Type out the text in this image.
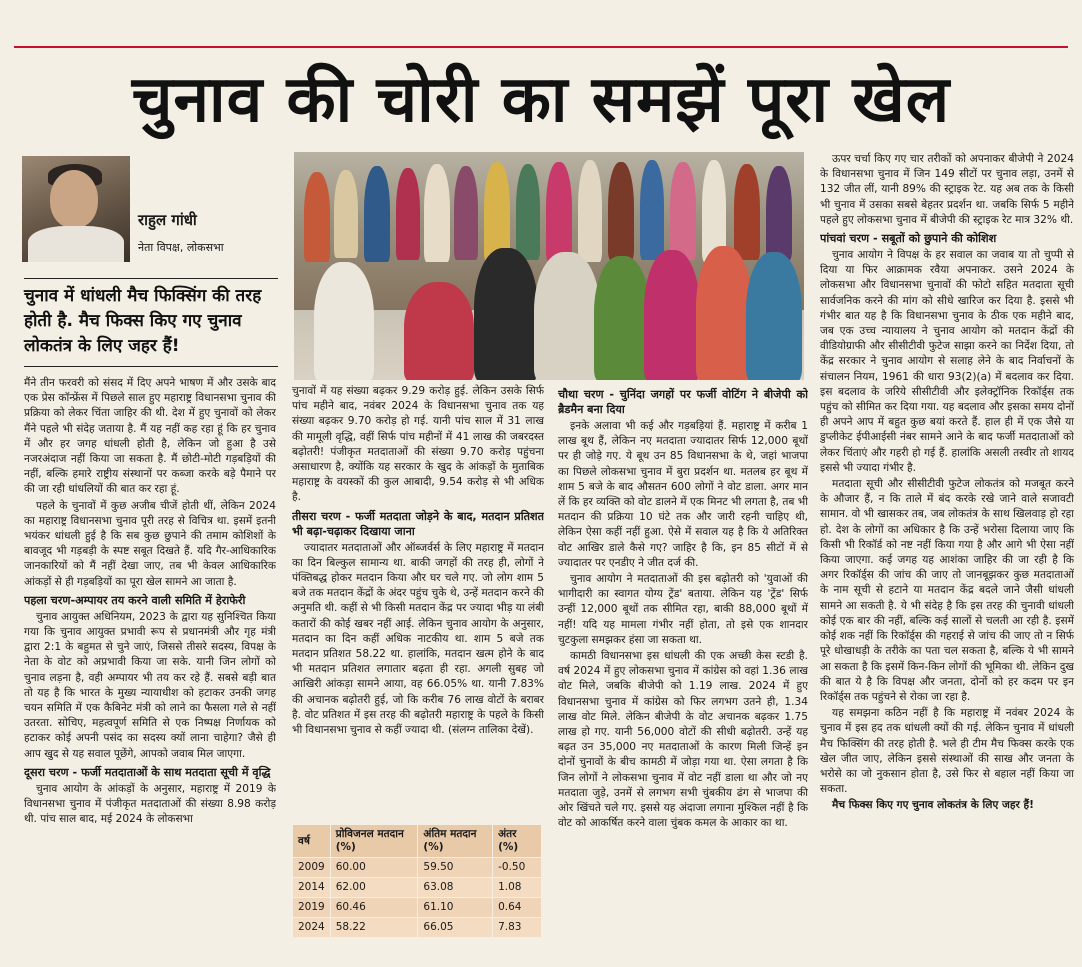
चुनाव की चोरी का समझें पूरा खेल
राहुल गांधी
नेता विपक्ष, लोकसभा
चुनाव में धांधली मैच फिक्सिंग की तरह होती है. मैच फिक्स किए गए चुनाव लोकतंत्र के लिए जहर हैं!

मैंने तीन फरवरी को संसद में दिए अपने भाषण में और उसके बाद एक प्रेस कॉन्फ्रेंस में पिछले साल हुए महाराष्ट्र विधानसभा चुनाव की प्रक्रिया को लेकर चिंता जाहिर की थी. देश में हुए चुनावों को लेकर मैंने पहले भी संदेह जताया है. मैं यह नहीं कह रहा हूं कि हर चुनाव में और हर जगह धांधली होती है, लेकिन जो हुआ है उसे नजरअंदाज नहीं किया जा सकता है. मैं छोटी-मोटी गड़बड़ियों की नहीं, बल्कि हमारे राष्ट्रीय संस्थानों पर कब्जा करके बड़े पैमाने पर की जा रही धांधलियों की बात कर रहा हूं.

पहले के चुनावों में कुछ अजीब चीजें होती थीं, लेकिन 2024 का महाराष्ट्र विधानसभा चुनाव पूरी तरह से विचित्र था. इसमें इतनी भयंकर धांधली हुई है कि सब कुछ छुपाने की तमाम कोशिशों के बावजूद भी गड़बड़ी के स्पष्ट सबूत दिखते हैं. यदि गैर-आधिकारिक जानकारियों को मैं नहीं देखा जाए, तब भी केवल आधिकारिक आंकड़ों से ही गड़बड़ियों का पूरा खेल सामने आ जाता है.

पहला चरण-अम्पायर तय करने वाली समिति में हेराफेरी

चुनाव आयुक्त अधिनियम, 2023 के द्वारा यह सुनिश्चित किया गया कि चुनाव आयुक्त प्रभावी रूप से प्रधानमंत्री और गृह मंत्री द्वारा 2:1 के बहुमत से चुने जाएं, जिससे तीसरे सदस्य, विपक्ष के नेता के वोट को अप्रभावी किया जा सके. यानी जिन लोगों को चुनाव लड़ना है, वही अम्पायर भी तय कर रहे हैं. सबसे बड़ी बात तो यह है कि भारत के मुख्य न्यायाधीश को हटाकर उनकी जगह चयन समिति में एक कैबिनेट मंत्री को लाने का फैसला गले से नहीं उतरता. सोचिए, महत्वपूर्ण समिति से एक निष्पक्ष निर्णायक को हटाकर कोई अपनी पसंद का सदस्य क्यों लाना चाहेगा? जैसे ही आप खुद से यह सवाल पूछेंगे, आपको जवाब मिल जाएगा.

दूसरा चरण - फर्जी मतदाताओं के साथ मतदाता सूची में वृद्धि

चुनाव आयोग के आंकड़ों के अनुसार, महाराष्ट्र में 2019 के विधानसभा चुनाव में पंजीकृत मतदाताओं की संख्या 8.98 करोड़ थी. पांच साल बाद, मई 2024 के लोकसभा

चुनावों में यह संख्या बढ़कर 9.29 करोड़ हुई. लेकिन उसके सिर्फ पांच महीने बाद, नवंबर 2024 के विधानसभा चुनाव तक यह संख्या बढ़कर 9.70 करोड़ हो गई. यानी पांच साल में 31 लाख की मामूली वृद्धि, वहीं सिर्फ पांच महीनों में 41 लाख की जबरदस्त बढ़ोतरी! पंजीकृत मतदाताओं की संख्या 9.70 करोड़ पहुंचना असाधारण है, क्योंकि यह सरकार के खुद के आंकड़ों के मुताबिक महाराष्ट्र के वयस्कों की कुल आबादी, 9.54 करोड़ से भी अधिक है.

तीसरा चरण - फर्जी मतदाता जोड़ने के बाद, मतदान प्रतिशत भी बढ़ा-चढ़ाकर दिखाया जाना

ज्यादातर मतदाताओं और ऑब्जर्वर्स के लिए महाराष्ट्र में मतदान का दिन बिल्कुल सामान्य था. बाकी जगहों की तरह ही, लोगों ने पंक्तिबद्ध होकर मतदान किया और घर चले गए. जो लोग शाम 5 बजे तक मतदान केंद्रों के अंदर पहुंच चुके थे, उन्हें मतदान करने की अनुमति थी. कहीं से भी किसी मतदान केंद्र पर ज्यादा भीड़ या लंबी कतारों की कोई खबर नहीं आई. लेकिन चुनाव आयोग के अनुसार, मतदान का दिन कहीं अधिक नाटकीय था. शाम 5 बजे तक मतदान प्रतिशत 58.22 था. हालांकि, मतदान खत्म होने के बाद भी मतदान प्रतिशत लगातार बढ़ता ही रहा. अगली सुबह जो आखिरी आंकड़ा सामने आया, वह 66.05% था. यानी 7.83% की अचानक बढ़ोतरी हुई, जो कि करीब 76 लाख वोटों के बराबर है. वोट प्रतिशत में इस तरह की बढ़ोतरी महाराष्ट्र के पहले के किसी भी विधानसभा चुनाव से कहीं ज्यादा थी. (संलग्न तालिका देखें).

वर्ष	प्रोविजनल मतदान (%)	अंतिम मतदान (%)	अंतर (%)
2009	60.00	59.50	-0.50
2014	62.00	63.08	1.08
2019	60.46	61.10	0.64
2024	58.22	66.05	7.83
चौथा चरण - चुनिंदा जगहों पर फर्जी वोटिंग ने बीजेपी को ब्रैडमैन बना दिया

इनके अलावा भी कई और गड़बड़ियां हैं. महाराष्ट्र में करीब 1 लाख बूथ हैं, लेकिन नए मतदाता ज्यादातर सिर्फ 12,000 बूथों पर ही जोड़े गए. ये बूथ उन 85 विधानसभा के थे, जहां भाजपा का पिछले लोकसभा चुनाव में बुरा प्रदर्शन था. मतलब हर बूथ में शाम 5 बजे के बाद औसतन 600 लोगों ने वोट डाला. अगर मान लें कि हर व्यक्ति को वोट डालने में एक मिनट भी लगता है, तब भी मतदान की प्रक्रिया 10 घंटे तक और जारी रहनी चाहिए थी, लेकिन ऐसा कहीं नहीं हुआ. ऐसे में सवाल यह है कि ये अतिरिक्त वोट आखिर डाले कैसे गए? जाहिर है कि, इन 85 सीटों में से ज्यादातर पर एनडीए ने जीत दर्ज की.

चुनाव आयोग ने मतदाताओं की इस बढ़ोतरी को 'युवाओं की भागीदारी का स्वागत योग्य ट्रेंड' बताया. लेकिन यह 'ट्रेंड' सिर्फ उन्हीं 12,000 बूथों तक सीमित रहा, बाकी 88,000 बूथों में नहीं! यदि यह मामला गंभीर नहीं होता, तो इसे एक शानदार चुटकुला समझकर हंसा जा सकता था.

कामठी विधानसभा इस धांधली की एक अच्छी केस स्टडी है. वर्ष 2024 में हुए लोकसभा चुनाव में कांग्रेस को वहां 1.36 लाख वोट मिले, जबकि बीजेपी को 1.19 लाख. 2024 में हुए विधानसभा चुनाव में कांग्रेस को फिर लगभग उतने ही, 1.34 लाख वोट मिले. लेकिन बीजेपी के वोट अचानक बढ़कर 1.75 लाख हो गए. यानी 56,000 वोटों की सीधी बढ़ोतरी. उन्हें यह बढ़त उन 35,000 नए मतदाताओं के कारण मिली जिन्हें इन दोनों चुनावों के बीच कामठी में जोड़ा गया था. ऐसा लगता है कि जिन लोगों ने लोकसभा चुनाव में वोट नहीं डाला था और जो नए मतदाता जुड़े, उनमें से लगभग सभी चुंबकीय ढंग से भाजपा की ओर खिंचते चले गए. इससे यह अंदाजा लगाना मुश्किल नहीं है कि वोट को आकर्षित करने वाला चुंबक कमल के आकार का था.

ऊपर चर्चा किए गए चार तरीकों को अपनाकर बीजेपी ने 2024 के विधानसभा चुनाव में जिन 149 सीटों पर चुनाव लड़ा, उनमें से 132 जीत लीं, यानी 89% की स्ट्राइक रेट. यह अब तक के किसी भी चुनाव में उसका सबसे बेहतर प्रदर्शन था. जबकि सिर्फ 5 महीने पहले हुए लोकसभा चुनाव में बीजेपी की स्ट्राइक रेट मात्र 32% थी.

पांचवां चरण - सबूतों को छुपाने की कोशिश

चुनाव आयोग ने विपक्ष के हर सवाल का जवाब या तो चुप्पी से दिया या फिर आक्रामक रवैया अपनाकर. उसने 2024 के लोकसभा और विधानसभा चुनावों की फोटो सहित मतदाता सूची सार्वजनिक करने की मांग को सीधे खारिज कर दिया है. इससे भी गंभीर बात यह है कि विधानसभा चुनाव के ठीक एक महीने बाद, जब एक उच्च न्यायालय ने चुनाव आयोग को मतदान केंद्रों की वीडियोग्राफी और सीसीटीवी फुटेज साझा करने का निर्देश दिया, तो केंद्र सरकार ने चुनाव आयोग से सलाह लेने के बाद निर्वाचनों के संचालन नियम, 1961 की धारा 93(2)(a) में बदलाव कर दिया. इस बदलाव के जरिये सीसीटीवी और इलेक्ट्रॉनिक रिकॉर्ड्स तक पहुंच को सीमित कर दिया गया. यह बदलाव और इसका समय दोनों ही अपने आप में बहुत कुछ बयां करते हैं. हाल ही में एक जैसे या डुप्लीकेट ईपीआईसी नंबर सामने आने के बाद फर्जी मतदाताओं को लेकर चिंताएं और गहरी हो गई हैं. हालांकि असली तस्वीर तो शायद इससे भी ज्यादा गंभीर है.

मतदाता सूची और सीसीटीवी फुटेज लोकतंत्र को मजबूत करने के औजार हैं, न कि ताले में बंद करके रखे जाने वाले सजावटी सामान. वो भी खासकर तब, जब लोकतंत्र के साथ खिलवाड़ हो रहा हो. देश के लोगों का अधिकार है कि उन्हें भरोसा दिलाया जाए कि किसी भी रिकॉर्ड को नष्ट नहीं किया गया है और आगे भी ऐसा नहीं किया जाएगा. कई जगह यह आशंका जाहिर की जा रही है कि अगर रिकॉर्ड्स की जांच की जाए तो जानबूझकर कुछ मतदाताओं के नाम सूची से हटाने या मतदान केंद्र बदले जाने जैसी धांधली सामने आ सकती है. ये भी संदेह है कि इस तरह की चुनावी धांधली कोई एक बार की नहीं, बल्कि कई सालों से चलती आ रही है. इसमें कोई शक नहीं कि रिकॉर्ड्स की गहराई से जांच की जाए तो न सिर्फ पूरे धोखाधड़ी के तरीके का पता चल सकता है, बल्कि ये भी सामने आ सकता है कि इसमें किन-किन लोगों की भूमिका थी. लेकिन दुख की बात ये है कि विपक्ष और जनता, दोनों को हर कदम पर इन रिकॉर्ड्स तक पहुंचने से रोका जा रहा है.

यह समझना कठिन नहीं है कि महाराष्ट्र में नवंबर 2024 के चुनाव में इस हद तक धांधली क्यों की गई. लेकिन चुनाव में धांधली मैच फिक्सिंग की तरह होती है. भले ही टीम मैच फिक्स करके एक खेल जीत जाए, लेकिन इससे संस्थाओं की साख और जनता के भरोसे का जो नुकसान होता है, उसे फिर से बहाल नहीं किया जा सकता.

मैच फिक्स किए गए चुनाव लोकतंत्र के लिए जहर हैं!
